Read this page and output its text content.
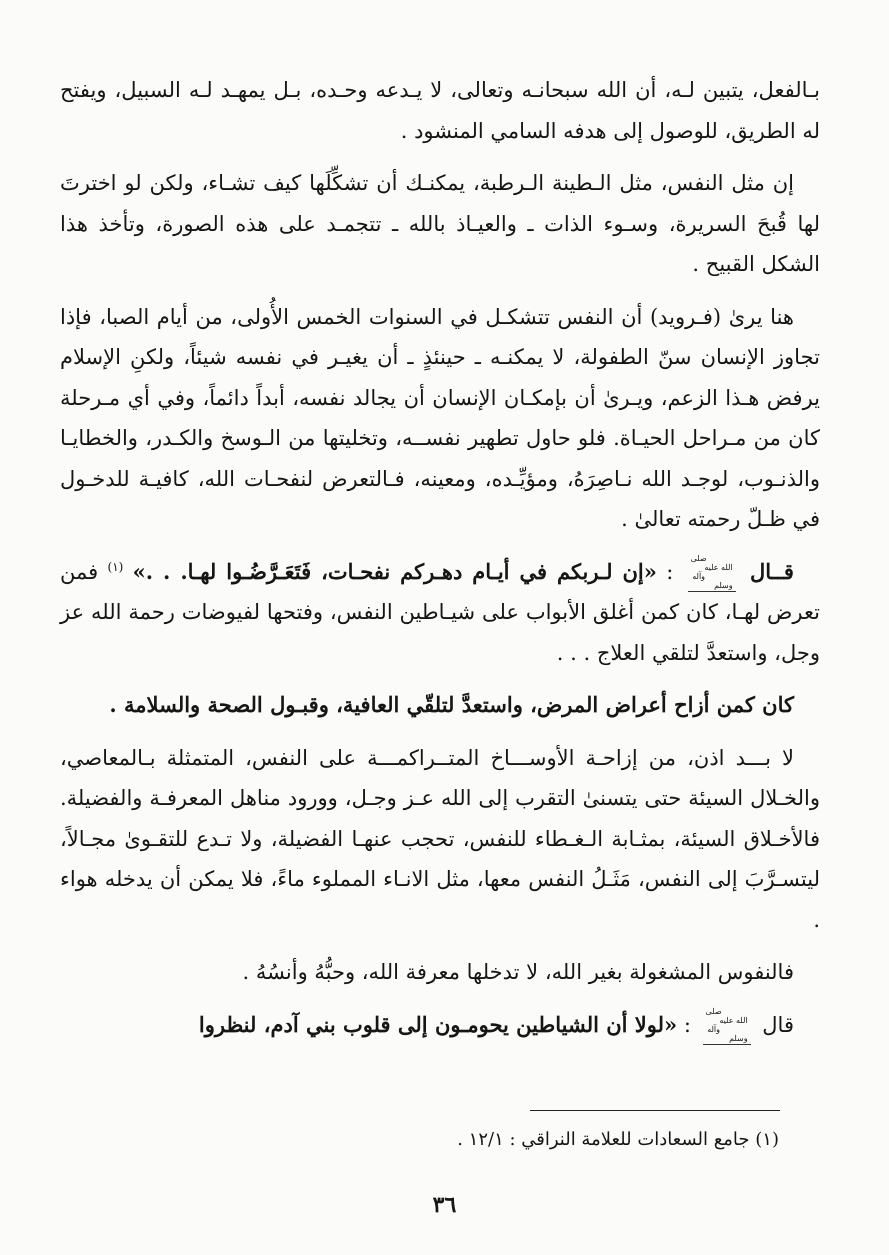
بـالفعل، يتبين لـه، أن الله سبحانـه وتعالى، لا يـدعه وحـده، بـل يمهـد لـه السبيل، ويفتح له الطريق، للوصول إلى هدفه السامي المنشود .

إن مثل النفس، مثل الـطينة الـرطبة، يمكنـك أن تشكِّلَها كيف تشـاء، ولكن لو اخترتَ لها قُبحَ السريرة، وسـوء الذات ـ والعيـاذ بالله ـ تتجمـد على هذه الصورة، وتأخذ هذا الشكل القبيح .

هنا يرىٰ (فـرويد) أن النفس تتشكـل في السنوات الخمس الأُولى، من أيام الصبا، فإذا تجاوز الإنسان سنّ الطفولة، لا يمكنـه ـ حينئذٍ ـ أن يغيـر في نفسه شيئاً، ولكنِ الإسلام يرفض هـذا الزعم، ويـرىٰ أن بإمكـان الإنسان أن يجالد نفسه، أبداً دائماً، وفي أي مـرحلة كان من مـراحل الحيـاة. فلو حاول تطهير نفســه، وتخليتها من الـوسخ والكـدر، والخطايـا والذنـوب، لوجـد الله نـاصِرَهُ، ومؤيِّـده، ومعينه، فـالتعرض لنفحـات الله، كافيـة للدخـول في ظـلّ رحمته تعالىٰ .

قــال
صلى الله عليه
وآله وسلم
: «إن لـربكم في أيـام دهـركم نفحـات، فَتَعَـرَّضُـوا لهـا. . .» $^{(١)}$ فمن تعرض لهـا، كان كمن أغلق الأبواب على شيـاطين النفس، وفتحها لفيوضات رحمة الله عز وجل، واستعدَّ لتلقي العلاج . . .

كان كمن أزاح أعراض المرض، واستعدَّ لتلقّي العافية، وقبـول الصحة والسلامة .

لا بـــد اذن، من إزاحـة الأوســـاخ المتــراكمـــة على النفس، المتمثلة بـالمعاصي، والخـلال السيئة حتى يتسنىٰ التقرب إلى الله عـز وجـل، وورود مناهل المعرفـة والفضيلة. فالأخـلاق السيئة، بمثـابة الـغـطاء للنفس، تحجب عنهـا الفضيلة، ولا تـدع للتقـوىٰ مجـالاً، ليتسـرَّبَ إلى النفس، مَثَـلُ النفس معها، مثل الانـاء المملوء ماءً، فلا يمكن أن يدخله هواء .

فالنفوس المشغولة بغير الله، لا تدخلها معرفة الله، وحبُّهُ وأنسُهُ .

قال
صلى الله عليه
وآله وسلم
: «لولا أن الشياطين يحومـون إلى قلوب بني آدم، لنظروا

(١) جامع السعادات للعلامة النراقي : ١٢/١ .
٣٦
